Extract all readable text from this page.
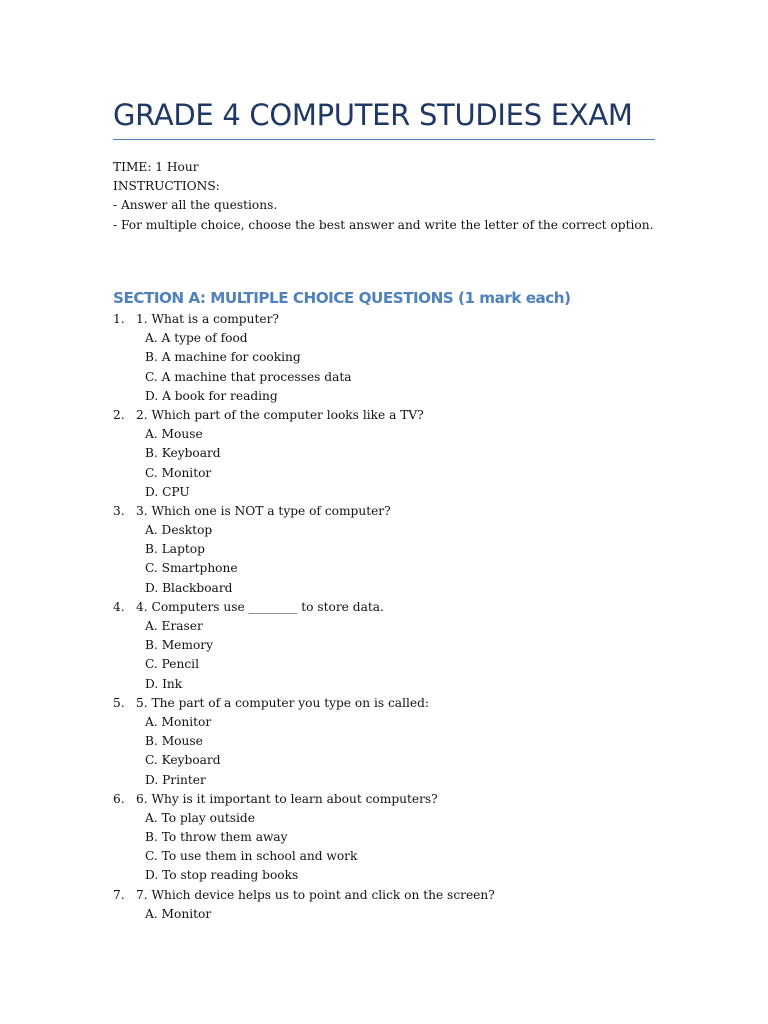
GRADE 4 COMPUTER STUDIES EXAM
TIME: 1 Hour
INSTRUCTIONS:
- Answer all the questions.
- For multiple choice, choose the best answer and write the letter of the correct option.
SECTION A: MULTIPLE CHOICE QUESTIONS (1 mark each)
1. 1. What is a computer?
A. A type of food
B. A machine for cooking
C. A machine that processes data
D. A book for reading
2. 2. Which part of the computer looks like a TV?
A. Mouse
B. Keyboard
C. Monitor
D. CPU
3. 3. Which one is NOT a type of computer?
A. Desktop
B. Laptop
C. Smartphone
D. Blackboard
4. 4. Computers use ________ to store data.
A. Eraser
B. Memory
C. Pencil
D. Ink
5. 5. The part of a computer you type on is called:
A. Monitor
B. Mouse
C. Keyboard
D. Printer
6. 6. Why is it important to learn about computers?
A. To play outside
B. To throw them away
C. To use them in school and work
D. To stop reading books
7. 7. Which device helps us to point and click on the screen?
A. Monitor
